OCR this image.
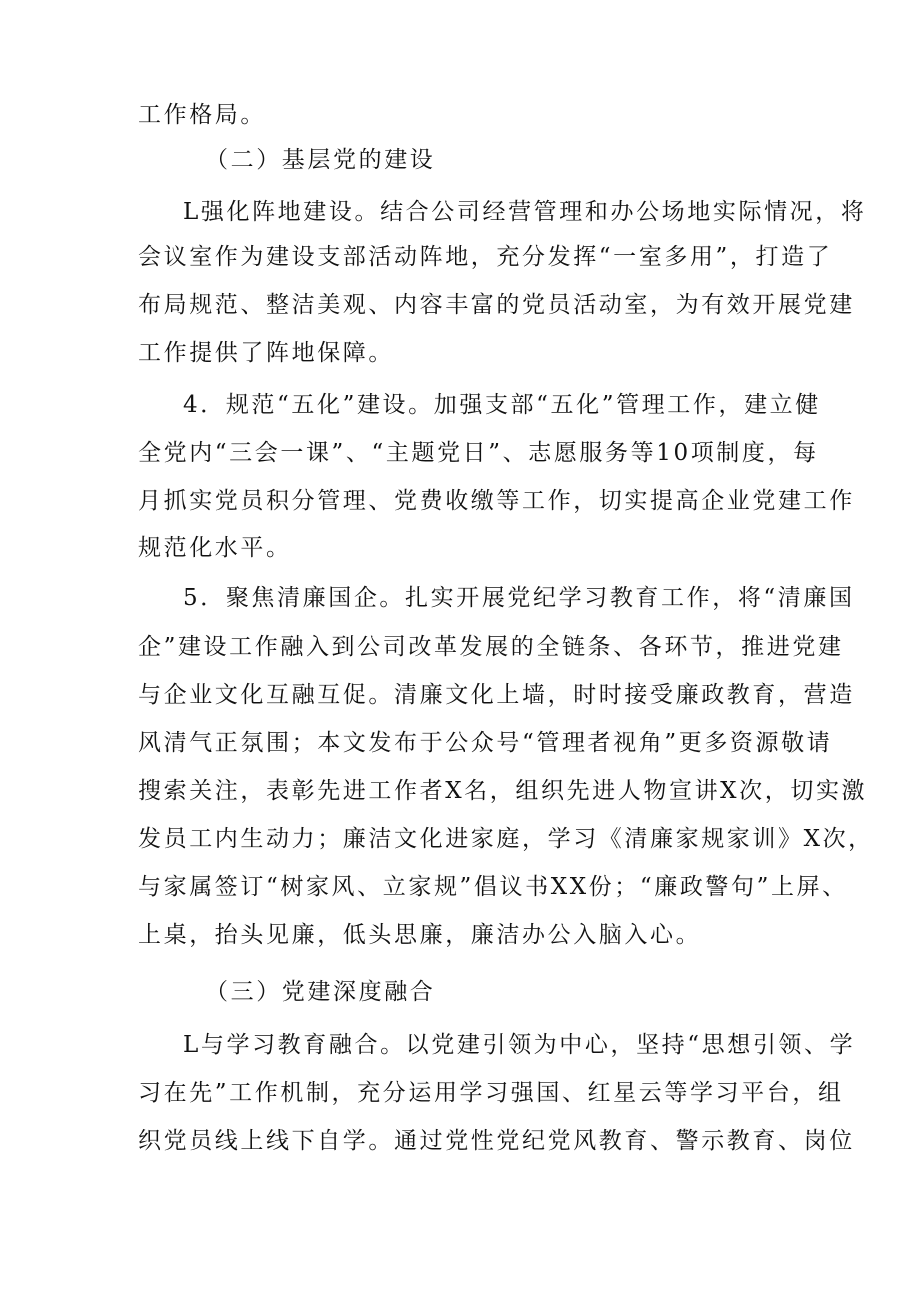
工作格局。
（二）基层党的建设
L强化阵地建设。结合公司经营管理和办公场地实际情况，将
会议室作为建设支部活动阵地，充分发挥“一室多用”，打造了
布局规范、整洁美观、内容丰富的党员活动室，为有效开展党建
工作提供了阵地保障。
4．规范“五化”建设。加强支部“五化”管理工作，建立健
全党内“三会一课”、“主题党日”、志愿服务等10项制度，每
月抓实党员积分管理、党费收缴等工作，切实提高企业党建工作
规范化水平。
5．聚焦清廉国企。扎实开展党纪学习教育工作，将“清廉国
企”建设工作融入到公司改革发展的全链条、各环节，推进党建
与企业文化互融互促。清廉文化上墙，时时接受廉政教育，营造
风清气正氛围；本文发布于公众号“管理者视角”更多资源敬请
搜索关注，表彰先进工作者X名，组织先进人物宣讲X次，切实激
发员工内生动力；廉洁文化进家庭，学习《清廉家规家训》X次，
与家属签订“树家风、立家规”倡议书XX份；“廉政警句”上屏、
上桌，抬头见廉，低头思廉，廉洁办公入脑入心。
（三）党建深度融合
L与学习教育融合。以党建引领为中心，坚持“思想引领、学
习在先”工作机制，充分运用学习强国、红星云等学习平台，组
织党员线上线下自学。通过党性党纪党风教育、警示教育、岗位
